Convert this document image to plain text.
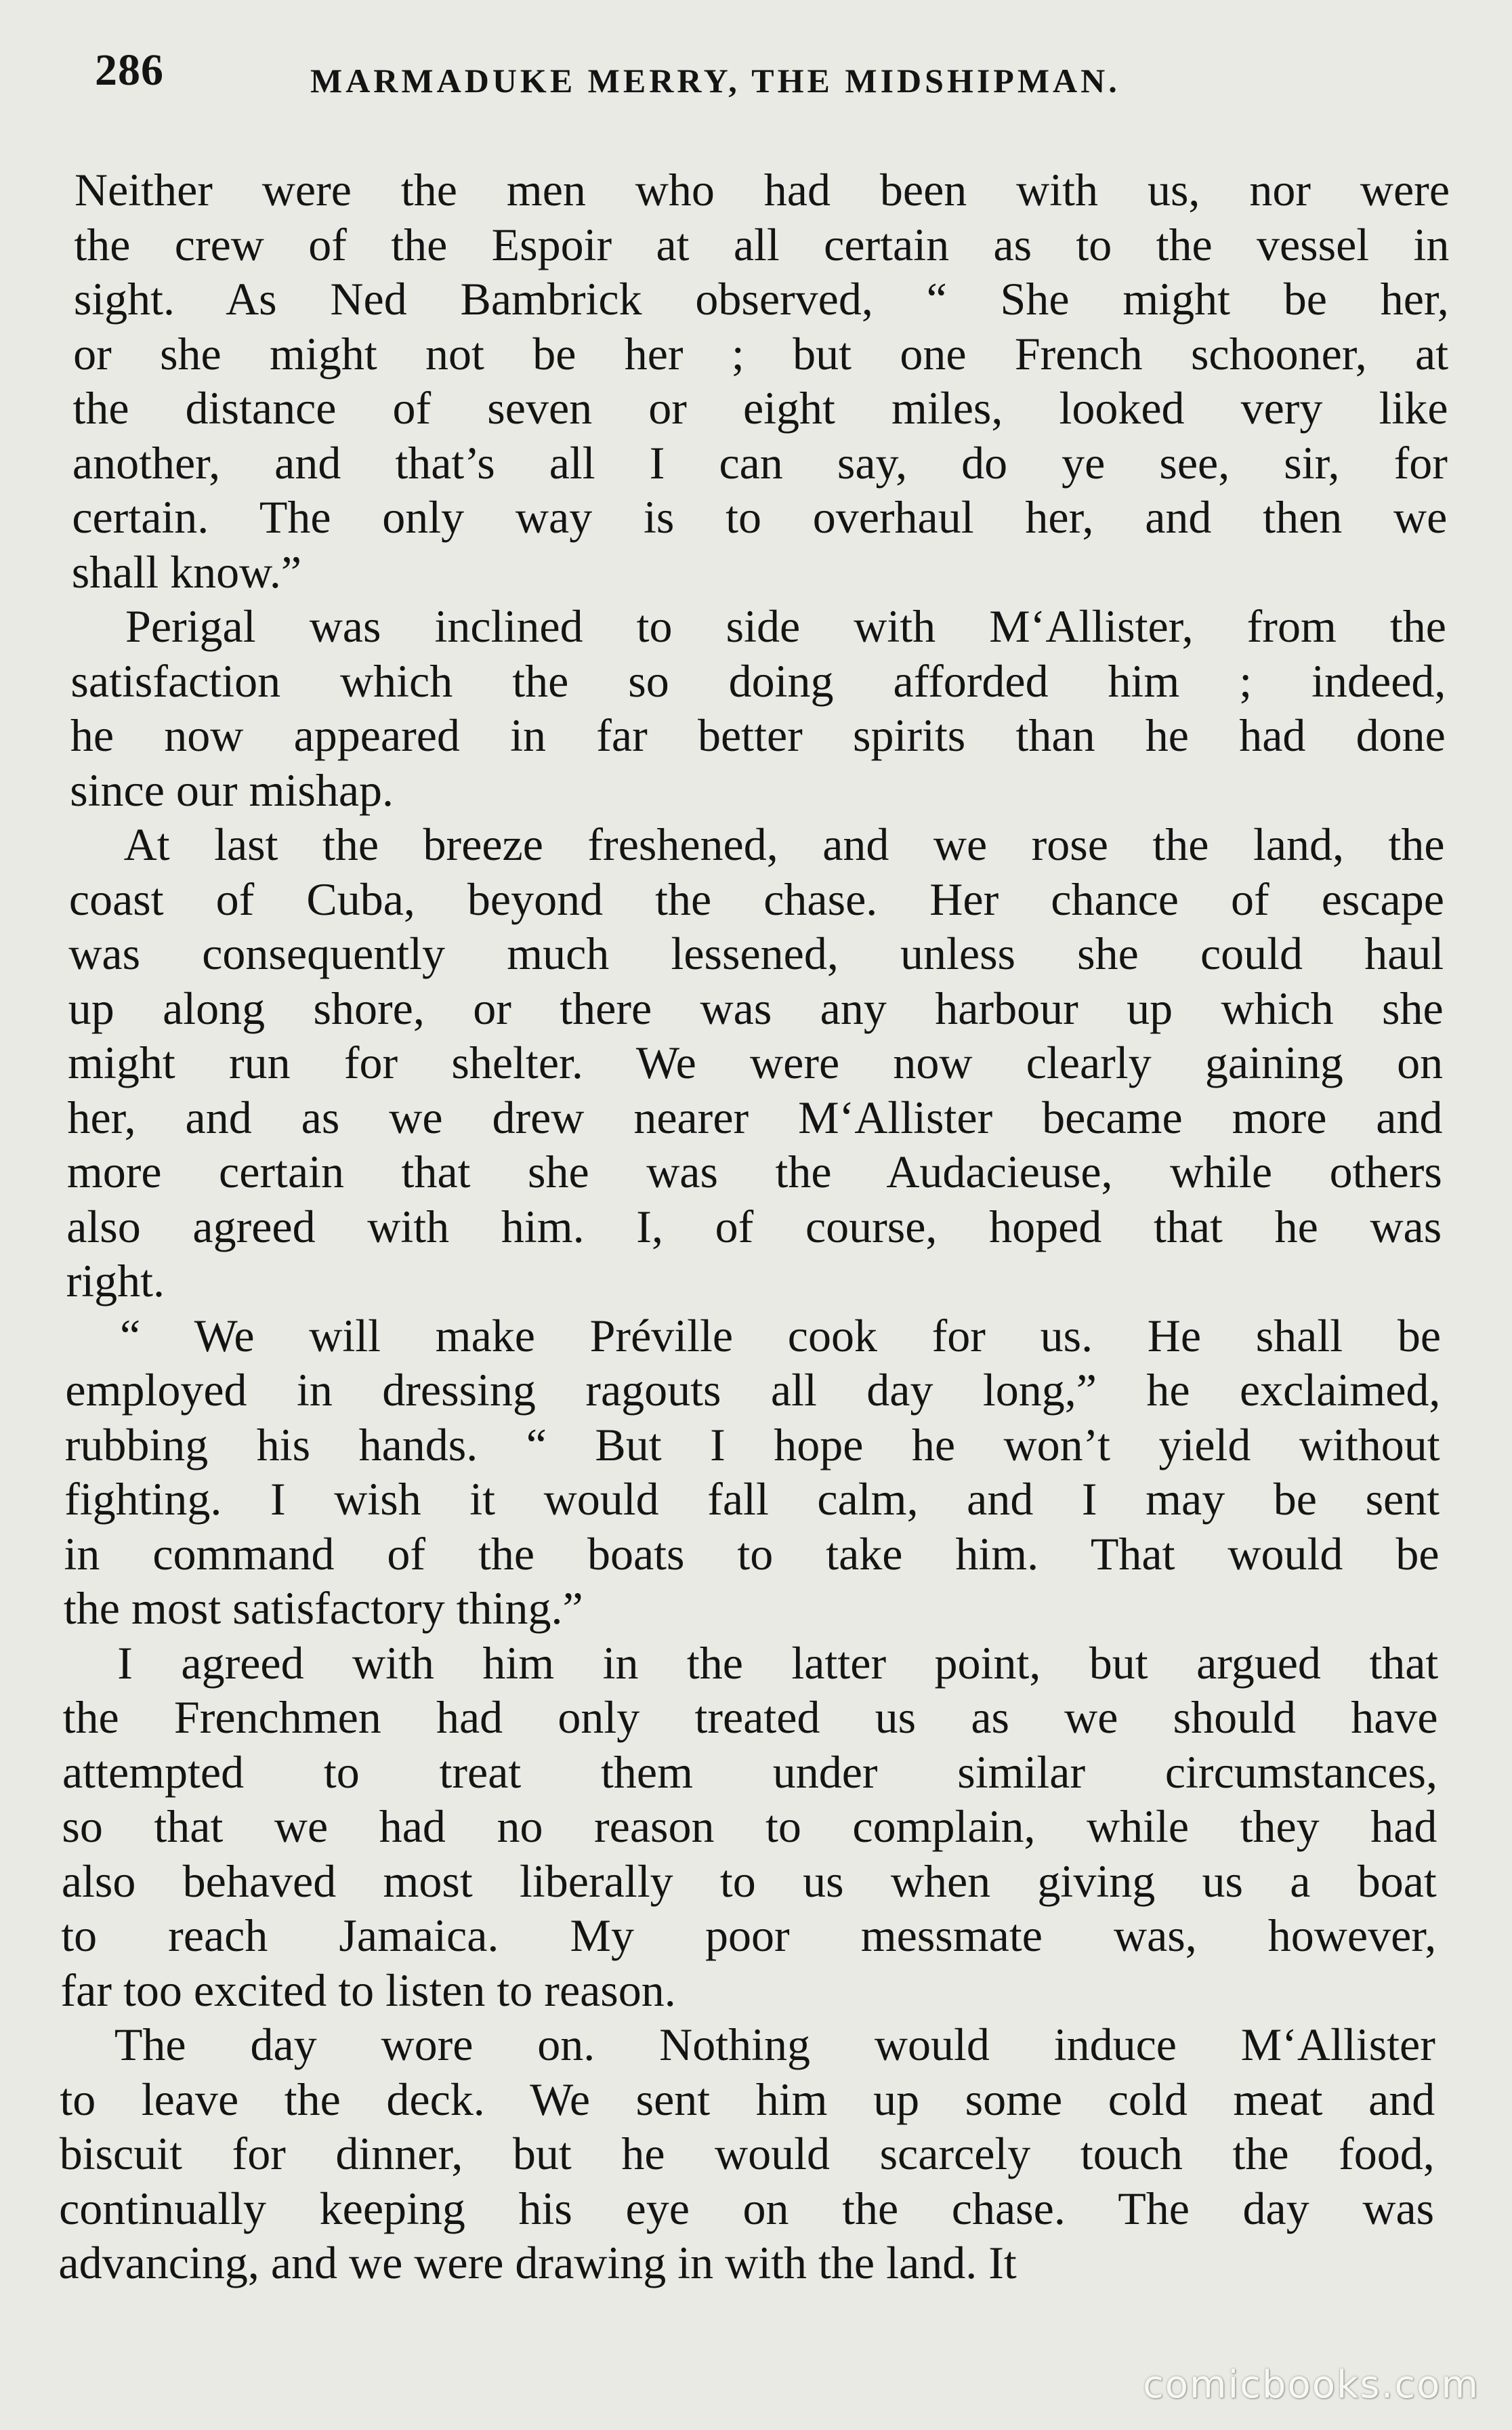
286	MARMADUKE MERRY, THE MIDSHIPMAN.
Neither were the men who had been with us, nor were
the crew of the Espoir at all certain as to the vessel in
sight. As Ned Bambrick observed, “ She might be her,
or she might not be her ; but one French schooner, at
the distance of seven or eight miles, looked very like
another, and that’s all I can say, do ye see, sir, for
certain. The only way is to overhaul her, and then we
shall know.”
Perigal was inclined to side with M‘Allister, from the
satisfaction which the so doing afforded him ; indeed,
he now appeared in far better spirits than he had done
since our mishap.
At last the breeze freshened, and we rose the land, the
coast of Cuba, beyond the chase. Her chance of escape
was consequently much lessened, unless she could haul
up along shore, or there was any harbour up which she
might run for shelter. We were now clearly gaining on
her, and as we drew nearer M‘Allister became more and
more certain that she was the Audacieuse, while others
also agreed with him. I, of course, hoped that he was
right.
“ We will make Préville cook for us. He shall be
employed in dressing ragouts all day long,” he exclaimed,
rubbing his hands. “ But I hope he won’t yield without
fighting. I wish it would fall calm, and I may be sent
in command of the boats to take him. That would be
the most satisfactory thing.”
I agreed with him in the latter point, but argued that
the Frenchmen had only treated us as we should have
attempted to treat them under similar circumstances,
so that we had no reason to complain, while they had
also behaved most liberally to us when giving us a boat
to reach Jamaica. My poor messmate was, however,
far too excited to listen to reason.
The day wore on. Nothing would induce M‘Allister
to leave the deck. We sent him up some cold meat and
biscuit for dinner, but he would scarcely touch the food,
continually keeping his eye on the chase. The day was
advancing, and we were drawing in with the land. It
comicbooks.com
